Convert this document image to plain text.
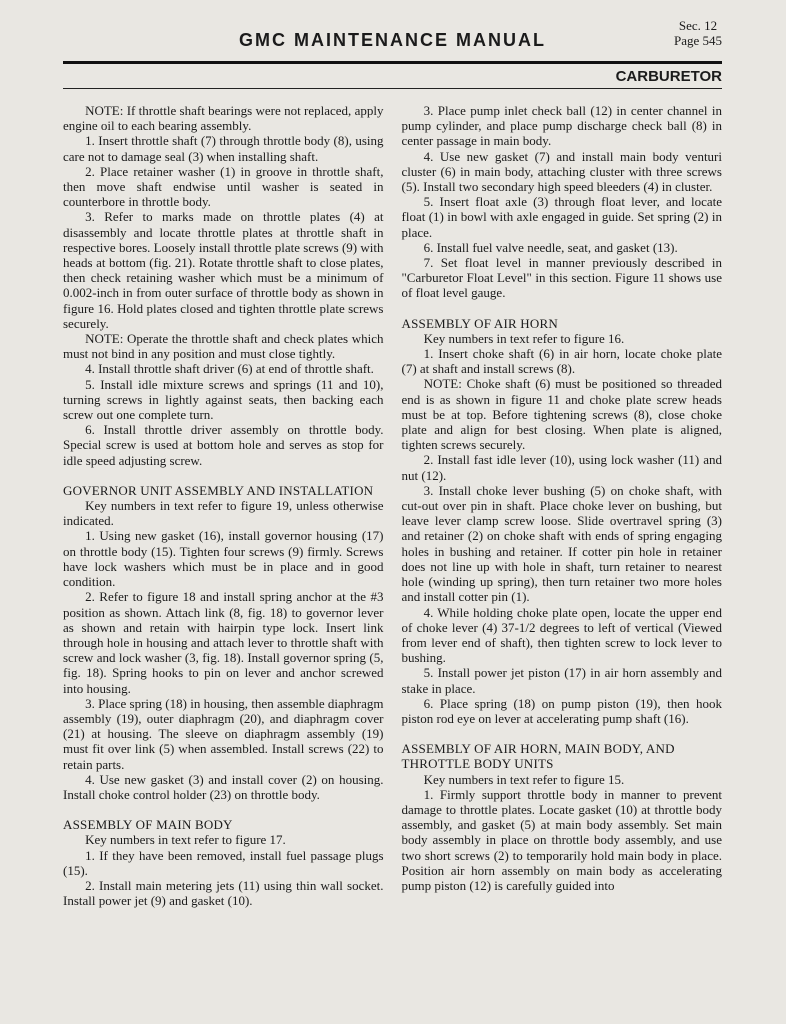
GMC MAINTENANCE MANUAL
Sec. 12
Page 545
CARBURETOR

NOTE: If throttle shaft bearings were not replaced, apply engine oil to each bearing assembly.

1. Insert throttle shaft (7) through throttle body (8), using care not to damage seal (3) when installing shaft.

2. Place retainer washer (1) in groove in throttle shaft, then move shaft endwise until washer is seated in counterbore in throttle body.

3. Refer to marks made on throttle plates (4) at disassembly and locate throttle plates at throttle shaft in respective bores. Loosely install throttle plate screws (9) with heads at bottom (fig. 21). Rotate throttle shaft to close plates, then check retaining washer which must be a minimum of 0.002-inch in from outer surface of throttle body as shown in figure 16. Hold plates closed and tighten throttle plate screws securely.

NOTE: Operate the throttle shaft and check plates which must not bind in any position and must close tightly.

4. Install throttle shaft driver (6) at end of throttle shaft.

5. Install idle mixture screws and springs (11 and 10), turning screws in lightly against seats, then backing each screw out one complete turn.

6. Install throttle driver assembly on throttle body. Special screw is used at bottom hole and serves as stop for idle speed adjusting screw.

GOVERNOR UNIT ASSEMBLY AND INSTALLATION

Key numbers in text refer to figure 19, unless otherwise indicated.

1. Using new gasket (16), install governor housing (17) on throttle body (15). Tighten four screws (9) firmly. Screws have lock washers which must be in place and in good condition.

2. Refer to figure 18 and install spring anchor at the #3 position as shown. Attach link (8, fig. 18) to governor lever as shown and retain with hairpin type lock. Insert link through hole in housing and attach lever to throttle shaft with screw and lock washer (3, fig. 18). Install governor spring (5, fig. 18). Spring hooks to pin on lever and anchor screwed into housing.

3. Place spring (18) in housing, then assemble diaphragm assembly (19), outer diaphragm (20), and diaphragm cover (21) at housing. The sleeve on diaphragm assembly (19) must fit over link (5) when assembled. Install screws (22) to retain parts.

4. Use new gasket (3) and install cover (2) on housing. Install choke control holder (23) on throttle body.

ASSEMBLY OF MAIN BODY

Key numbers in text refer to figure 17.

1. If they have been removed, install fuel passage plugs (15).

2. Install main metering jets (11) using thin wall socket. Install power jet (9) and gasket (10).

3. Place pump inlet check ball (12) in center channel in pump cylinder, and place pump discharge check ball (8) in center passage in main body.

4. Use new gasket (7) and install main body venturi cluster (6) in main body, attaching cluster with three screws (5). Install two secondary high speed bleeders (4) in cluster.

5. Insert float axle (3) through float lever, and locate float (1) in bowl with axle engaged in guide. Set spring (2) in place.

6. Install fuel valve needle, seat, and gasket (13).

7. Set float level in manner previously described in "Carburetor Float Level" in this section. Figure 11 shows use of float level gauge.

ASSEMBLY OF AIR HORN

Key numbers in text refer to figure 16.

1. Insert choke shaft (6) in air horn, locate choke plate (7) at shaft and install screws (8).

NOTE: Choke shaft (6) must be positioned so threaded end is as shown in figure 11 and choke plate screw heads must be at top. Before tightening screws (8), close choke plate and align for best closing. When plate is aligned, tighten screws securely.

2. Install fast idle lever (10), using lock washer (11) and nut (12).

3. Install choke lever bushing (5) on choke shaft, with cut-out over pin in shaft. Place choke lever on bushing, but leave lever clamp screw loose. Slide overtravel spring (3) and retainer (2) on choke shaft with ends of spring engaging holes in bushing and retainer. If cotter pin hole in retainer does not line up with hole in shaft, turn retainer to nearest hole (winding up spring), then turn retainer two more holes and install cotter pin (1).

4. While holding choke plate open, locate the upper end of choke lever (4) 37-1/2 degrees to left of vertical (Viewed from lever end of shaft), then tighten screw to lock lever to bushing.

5. Install power jet piston (17) in air horn assembly and stake in place.

6. Place spring (18) on pump piston (19), then hook piston rod eye on lever at accelerating pump shaft (16).

ASSEMBLY OF AIR HORN, MAIN BODY, AND THROTTLE BODY UNITS

Key numbers in text refer to figure 15.

1. Firmly support throttle body in manner to prevent damage to throttle plates. Locate gasket (10) at throttle body assembly, and gasket (5) at main body assembly. Set main body assembly in place on throttle body assembly, and use two short screws (2) to temporarily hold main body in place. Position air horn assembly on main body as accelerating pump piston (12) is carefully guided into
